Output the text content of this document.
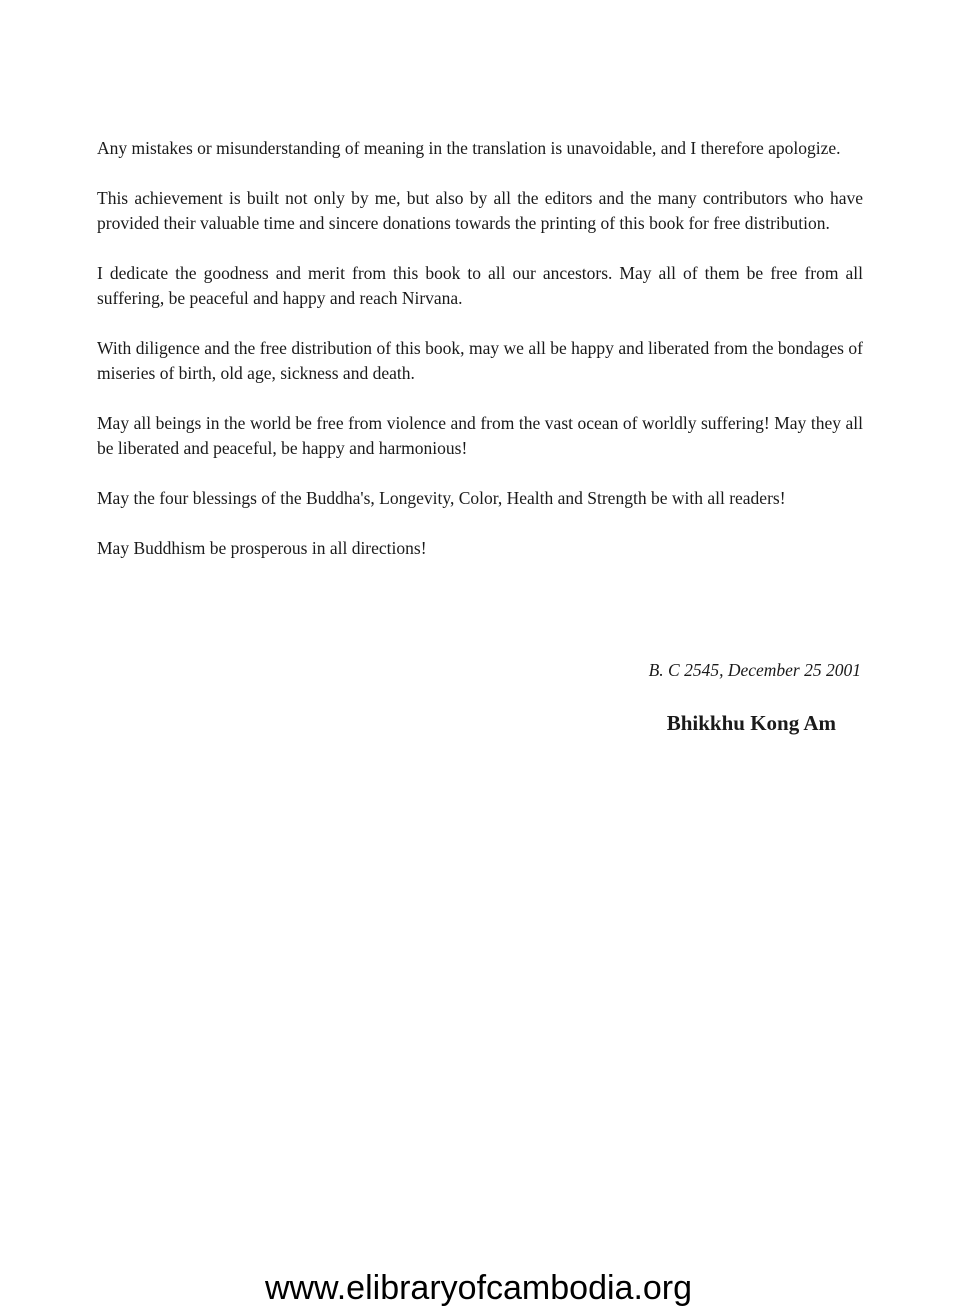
Any mistakes or misunderstanding of meaning in the translation is unavoidable, and I therefore apologize.

This achievement is built not only by me, but also by all the editors and the many contributors who have provided their valuable time and sincere donations towards the printing of this book for free distribution.

I dedicate the goodness and merit from this book to all our ancestors. May all of them be free from all suffering, be peaceful and happy and reach Nirvana.

With diligence and the free distribution of this book, may we all be happy and liberated from the bondages of miseries of birth, old age, sickness and death.

May all beings in the world be free from violence and from the vast ocean of worldly suffering! May they all be liberated and peaceful, be happy and harmonious!

May the four blessings of the Buddha's, Longevity, Color, Health and Strength be with all readers!

May Buddhism be prosperous in all directions!

B. C 2545, December 25 2001
Bhikkhu Kong Am
www.elibraryofcambodia.org
